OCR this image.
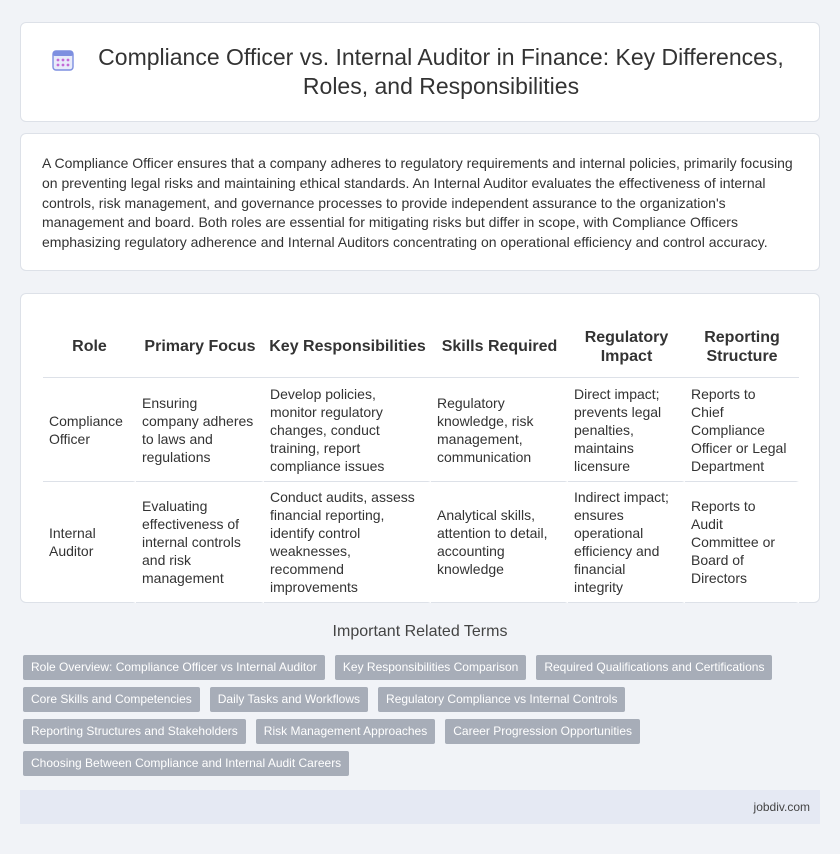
Compliance Officer vs. Internal Auditor in Finance: Key Differences, Roles, and Responsibilities

A Compliance Officer ensures that a company adheres to regulatory requirements and internal policies, primarily focusing on preventing legal risks and maintaining ethical standards. An Internal Auditor evaluates the effectiveness of internal controls, risk management, and governance processes to provide independent assurance to the organization's management and board. Both roles are essential for mitigating risks but differ in scope, with Compliance Officers emphasizing regulatory adherence and Internal Auditors concentrating on operational efficiency and control accuracy.

Role	Primary Focus	Key Responsibilities	Skills Required	Regulatory Impact	Reporting Structure
Compliance Officer	Ensuring company adheres to laws and regulations	Develop policies, monitor regulatory changes, conduct training, report compliance issues	Regulatory knowledge, risk management, communication	Direct impact; prevents legal penalties, maintains licensure	Reports to Chief Compliance Officer or Legal Department
Internal Auditor	Evaluating effectiveness of internal controls and risk management	Conduct audits, assess financial reporting, identify control weaknesses, recommend improvements	Analytical skills, attention to detail, accounting knowledge	Indirect impact; ensures operational efficiency and financial integrity	Reports to Audit Committee or Board of Directors
Important Related Terms
Role Overview: Compliance Officer vs Internal Auditor	Key Responsibilities Comparison	Required Qualifications and Certifications
Core Skills and Competencies	Daily Tasks and Workflows	Regulatory Compliance vs Internal Controls
Reporting Structures and Stakeholders	Risk Management Approaches	Career Progression Opportunities
Choosing Between Compliance and Internal Audit Careers
jobdiv.com
